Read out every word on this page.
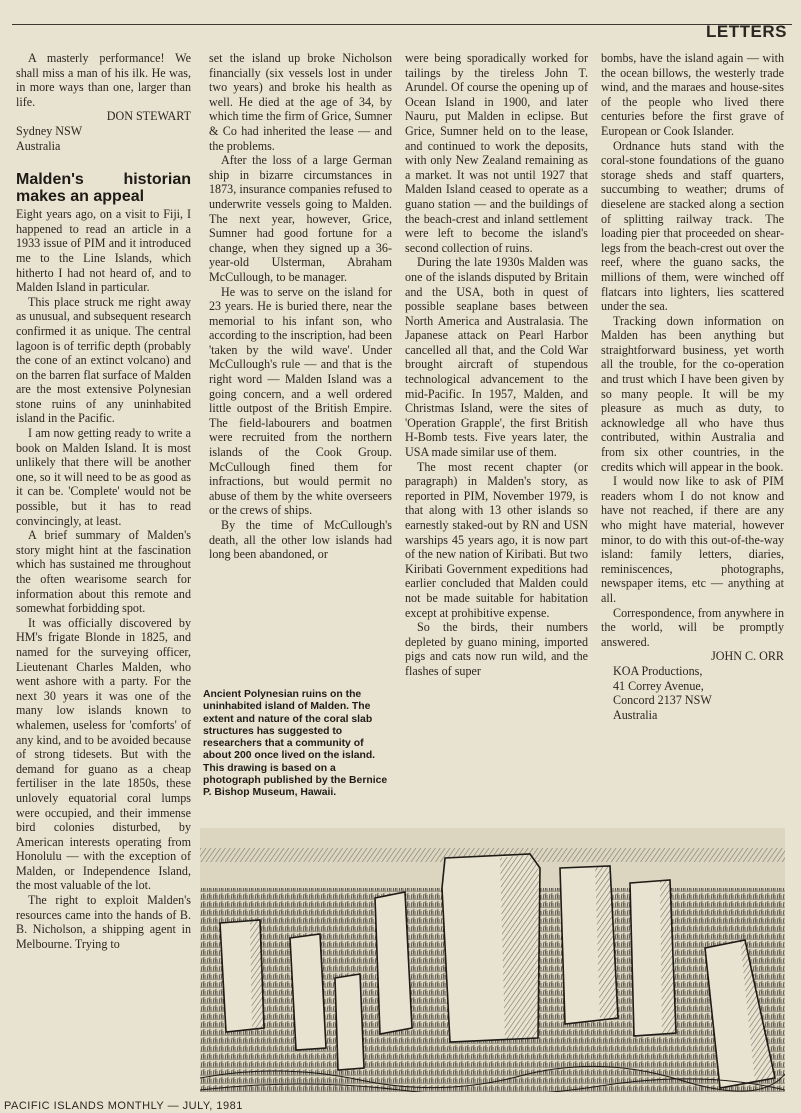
LETTERS

A masterly performance! We shall miss a man of his ilk. He was, in more ways than one, larger than life.

DON STEWART

Sydney NSW

Australia

Malden's historian makes an appeal

Eight years ago, on a visit to Fiji, I happened to read an article in a 1933 issue of PIM and it introduced me to the Line Islands, which hitherto I had not heard of, and to Malden Island in particular.

This place struck me right away as unusual, and subsequent research confirmed it as unique. The central lagoon is of terrific depth (probably the cone of an extinct volcano) and on the barren flat surface of Malden are the most extensive Polynesian stone ruins of any uninhabited island in the Pacific.

I am now getting ready to write a book on Malden Island. It is most unlikely that there will be another one, so it will need to be as good as it can be. 'Complete' would not be possible, but it has to read convincingly, at least.

A brief summary of Malden's story might hint at the fascination which has sustained me throughout the often wearisome search for information about this remote and somewhat forbidding spot.

It was officially discovered by HM's frigate Blonde in 1825, and named for the surveying officer, Lieutenant Charles Malden, who went ashore with a party. For the next 30 years it was one of the many low islands known to whalemen, useless for 'comforts' of any kind, and to be avoided because of strong tidesets. But with the demand for guano as a cheap fertiliser in the late 1850s, these unlovely equatorial coral lumps were occupied, and their immense bird colonies disturbed, by American interests operating from Honolulu — with the exception of Malden, or Independence Island, the most valuable of the lot.

The right to exploit Malden's resources came into the hands of B. B. Nicholson, a shipping agent in Melbourne. Trying to

set the island up broke Nicholson financially (six vessels lost in under two years) and broke his health as well. He died at the age of 34, by which time the firm of Grice, Sumner & Co had inherited the lease — and the problems.

After the loss of a large German ship in bizarre circumstances in 1873, insurance companies refused to underwrite vessels going to Malden. The next year, however, Grice, Sumner had good fortune for a change, when they signed up a 36-year-old Ulsterman, Abraham McCullough, to be manager.

He was to serve on the island for 23 years. He is buried there, near the memorial to his infant son, who according to the inscription, had been 'taken by the wild wave'. Under McCullough's rule — and that is the right word — Malden Island was a going concern, and a well ordered little outpost of the British Empire. The field-labourers and boatmen were recruited from the northern islands of the Cook Group. McCullough fined them for infractions, but would permit no abuse of them by the white overseers or the crews of ships.

By the time of McCullough's death, all the other low islands had long been abandoned, or

Ancient Polynesian ruins on the uninhabited island of Malden. The extent and nature of the coral slab structures has suggested to researchers that a community of about 200 once lived on the island. This drawing is based on a photograph published by the Bernice P. Bishop Museum, Hawaii.

were being sporadically worked for tailings by the tireless John T. Arundel. Of course the opening up of Ocean Island in 1900, and later Nauru, put Malden in eclipse. But Grice, Sumner held on to the lease, and continued to work the deposits, with only New Zealand remaining as a market. It was not until 1927 that Malden Island ceased to operate as a guano station — and the buildings of the beach-crest and inland settlement were left to become the island's second collection of ruins.

During the late 1930s Malden was one of the islands disputed by Britain and the USA, both in quest of possible seaplane bases between North America and Australasia. The Japanese attack on Pearl Harbor cancelled all that, and the Cold War brought aircraft of stupendous technological advancement to the mid-Pacific. In 1957, Malden, and Christmas Island, were the sites of 'Operation Grapple', the first British H-Bomb tests. Five years later, the USA made similar use of them.

The most recent chapter (or paragraph) in Malden's story, as reported in PIM, November 1979, is that along with 13 other islands so earnestly staked-out by RN and USN warships 45 years ago, it is now part of the new nation of Kiribati. But two Kiribati Government expeditions had earlier concluded that Malden could not be made suitable for habitation except at prohibitive expense.

So the birds, their numbers depleted by guano mining, imported pigs and cats now run wild, and the flashes of super

bombs, have the island again — with the ocean billows, the westerly trade wind, and the maraes and house-sites of the people who lived there centuries before the first grave of European or Cook Islander.

Ordnance huts stand with the coral-stone foundations of the guano storage sheds and staff quarters, succumbing to weather; drums of dieselene are stacked along a section of splitting railway track. The loading pier that proceeded on shear-legs from the beach-crest out over the reef, where the guano sacks, the millions of them, were winched off flatcars into lighters, lies scattered under the sea.

Tracking down information on Malden has been anything but straightforward business, yet worth all the trouble, for the co-operation and trust which I have been given by so many people. It will be my pleasure as much as duty, to acknowledge all who have thus contributed, within Australia and from six other countries, in the credits which will appear in the book.

I would now like to ask of PIM readers whom I do not know and have not reached, if there are any who might have material, however minor, to do with this out-of-the-way island: family letters, diaries, reminiscences, photographs, newspaper items, etc — anything at all.

Correspondence, from anywhere in the world, will be promptly answered.

JOHN C. ORR

KOA Productions,

41 Correy Avenue,

Concord 2137 NSW

Australia

PACIFIC ISLANDS MONTHLY — JULY, 1981
